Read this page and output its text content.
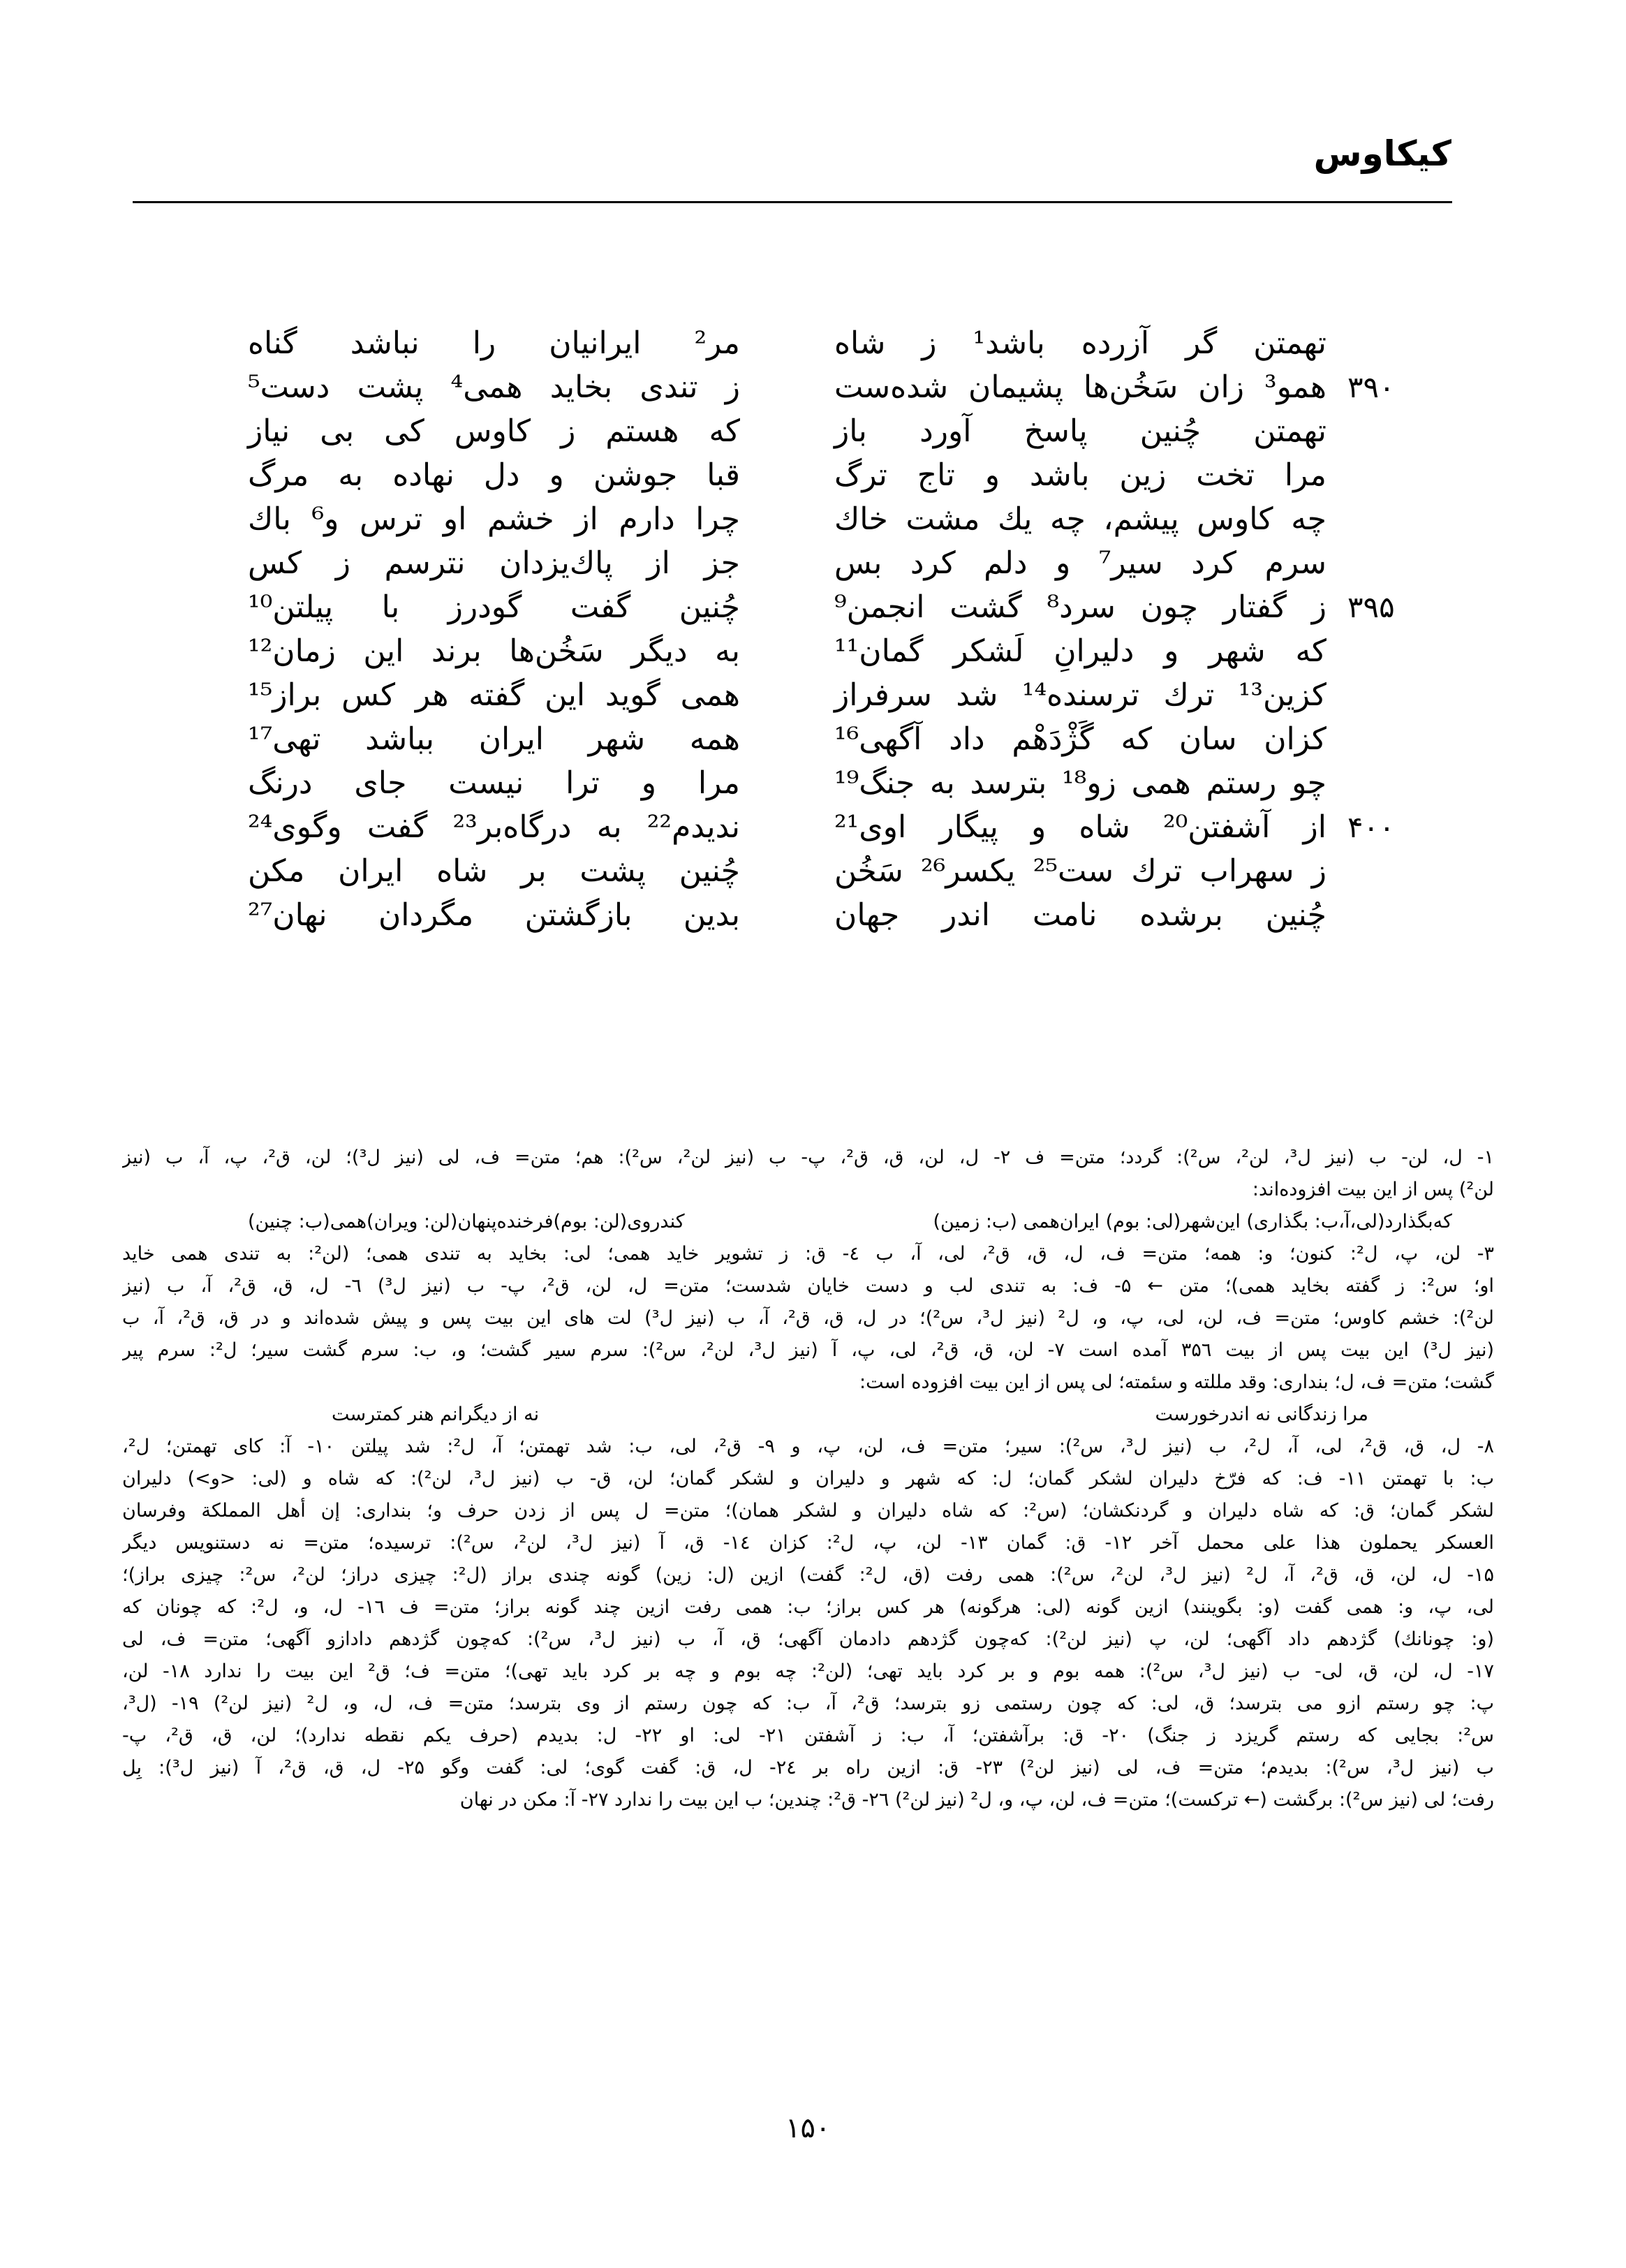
کیکاوس
تهمتن گر آزرده باشد¹ ز شاه
مر² ایرانیان را نباشد گناه
۳۹۰
همو³ زان سَخُن‌ها پشیمان شده‌ست
ز تندی بخاید همی⁴ پشت دست⁵
تهمتن چُنین پاسخ آورد باز
که هستم ز کاوس کی بی نیاز
مرا تخت زین باشد و تاج ترگ
قبا جوشن و دل نهاده به مرگ
چه کاوس پیشم، چه یك مشت خاك
چرا دارم از خشم او ترس و⁶ باك
سرم کرد سیر⁷ و دلم کرد بس
جز از پاك‌یزدان نترسم ز کس
۳۹۵
ز گفتار چون سرد⁸ گشت انجمن⁹
چُنین گفت گودرز با پیلتن¹⁰
که شهر و دلیرانِ لَشکر گمان¹¹
به دیگر سَخُن‌ها برند این زمان¹²
کزین¹³ ترك ترسنده¹⁴ شد سرفراز
همی گوید این گفته هر کس براز¹⁵
کزان سان که گَژْدَهْم داد آگهی¹⁶
همه شهر ایران بباشد تهی¹⁷
چو رستم همی زو¹⁸ بترسد به جنگ¹⁹
مرا و ترا نیست جای درنگ
۴۰۰
از آشفتن²⁰ شاه و پیگار اوی²¹
ندیدم²² به درگاه‌بر²³ گفت وگوی²⁴
ز سهراب ترك ست²⁵ یکسر²⁶ سَخُن
چُنین پشت بر شاه ایران مکن
چُنین برشده نامت اندر جهان
بدین بازگشتن مگردان نهان²⁷
۱- ل، لن- ب (نیز ل³، لن²، س²): گردد؛ متن= ف ۲- ل، لن، ق، ق²، پ- ب (نیز لن²، س²): هم؛ متن= ف، لی (نیز ل³)؛ لن، ق²، پ، آ، ب (نیز
لن²) پس از این بیت افزوده‌اند:
که‌بگذارد(لی،آ،ب: بگذاری) این‌شهر(لی: بوم) ایران‌همی (ب: زمین)
کندروی(لن: بوم)فرخنده‌پنهان(لن: ویران)همی(ب: چنین)
۳- لن، پ، ل²: کنون؛ و: همه؛ متن= ف، ل، ق، ق²، لی، آ، ب ٤- ق: ز تشویر خاید همی؛ لی: بخاید به تندی همی؛ (لن²: به تندی همی خاید
او؛ س²: ز گفته بخاید همی)؛ متن ← ۵- ف: به تندی لب و دست خایان شدست؛ متن= ل، لن، ق²، پ- ب (نیز ل³) ٦- ل، ق، ق²، آ، ب (نیز
لن²): خشم کاوس؛ متن= ف، لن، لی، پ، و، ل² (نیز ل³، س²)؛ در ل، ق، ق²، آ، ب (نیز ل³) لت های این بیت پس و پیش شده‌اند و در ق، ق²، آ، ب
(نیز ل³) این بیت پس از بیت ۳۵٦ آمده است ۷- لن، ق، ق²، لی، پ، آ (نیز ل³، لن²، س²): سرم سیر گشت؛ و، ب: سرم گشت سیر؛ ل²: سرم پیر
گشت؛ متن= ف، ل؛ بنداری: وقد مللته و سئمته؛ لی پس از این بیت افزوده است:
مرا زندگانی نه اندرخورست
نه از دیگرانم هنر کمترست
۸- ل، ق، ق²، لی، آ، ل²، ب (نیز ل³، س²): سیر؛ متن= ف، لن، پ، و ۹- ق²، لی، ب: شد تهمتن؛ آ، ل²: شد پیلتن ۱۰- آ: کای تهمتن؛ ل²،
ب: با تهمتن ۱۱- ف: که فرّخ دلیران لشکر گمان؛ ل: که شهر و دلیران و لشکر گمان؛ لن، ق- ب (نیز ل³، لن²): که شاه و (لی: <و>) دلیران
لشکر گمان؛ ق: که شاه دلیران و گردنکشان؛ (س²: که شاه دلیران و لشکر همان)؛ متن= ل پس از زدن حرف و؛ بنداری: إن أهل المملکة وفرسان
العسکر یحملون هذا علی محمل آخر ۱۲- ق: گمان ۱۳- لن، پ، ل²: کزان ١٤- ق، آ (نیز ل³، لن²، س²): ترسیده؛ متن= نه دستنویس دیگر
۱۵- ل، لن، ق، ق²، آ، ل² (نیز ل³، لن²، س²): همی رفت (ق، ل²: گفت) ازین (ل: زین) گونه چندی براز (ل²: چیزی دراز؛ لن²، س²: چیزی براز)؛
لی، پ، و: همی گفت (و: بگوینند) ازین گونه (لی: هرگونه) هر کس براز؛ ب: همی رفت ازین چند گونه براز؛ متن= ف ۱٦- ل، و، ل²: که چونان که
(و: چونانك) گژدهم داد آگهی؛ لن، پ (نیز لن²): که‌چون گژدهم دادمان آگهی؛ ق، آ، ب (نیز ل³، س²): که‌چون گژدهم دادازو آگهی؛ متن= ف، لی
۱۷- ل، لن، ق، لی- ب (نیز ل³، س²): همه بوم و بر کرد باید تهی؛ (لن²: چه بوم و چه بر کرد باید تهی)؛ متن= ف؛ ق² این بیت را ندارد ۱۸- لن،
پ: چو رستم ازو می بترسد؛ ق، لی: که چون رستمی زو بترسد؛ ق²، آ، ب: که چون رستم از وی بترسد؛ متن= ف، ل، و، ل² (نیز لن²) ۱۹- (ل³،
س²: بجایی که رستم گریزد ز جنگ) ۲۰- ق: برآشفتن؛ آ، ب: ز آشفتن ۲۱- لی: او ۲۲- ل: بدیدم (حرف یکم نقطه ندارد)؛ لن، ق، ق²، پ-
ب (نیز ل³، س²): بدیدم؛ متن= ف، لی (نیز لن²) ۲۳- ق: ازین راه بر ۲٤- ل، ق: گفت گوی؛ لی: گفت وگو ۲۵- ل، ق، ق²، آ (نیز ل³): بِل
رفت؛ لی (نیز س²): برگشت (← ترکست)؛ متن= ف، لن، پ، و، ل² (نیز لن²) ۲٦- ق²: چندین؛ ب این بیت را ندارد ۲۷- آ: مکن در نهان
۱۵۰
